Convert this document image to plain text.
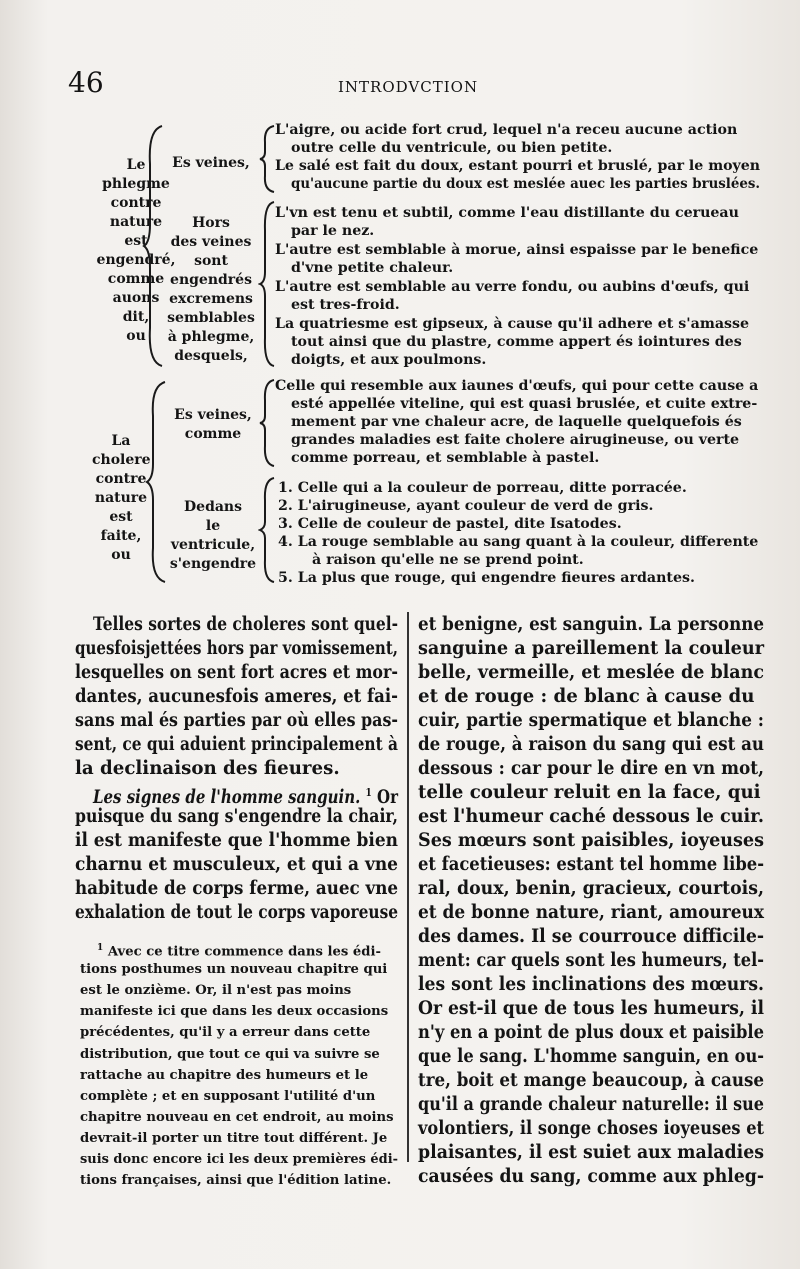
46	INTRODVCTION
Le
phlegme
contre
nature
est
engendré,
comme
auons
dit,
ou
Es veines,
L'aigre, ou acide fort crud, lequel n'a receu aucune action
outre celle du ventricule, ou bien petite.
Le salé est fait du doux, estant pourri et bruslé, par le moyen
qu'aucune partie du doux est meslée auec les parties bruslées.
Hors
des veines
sont
engendrés
excremens
semblables
à phlegme,
desquels,
L'vn est tenu et subtil, comme l'eau distillante du cerueau
par le nez.
L'autre est semblable à morue, ainsi espaisse par le benefice
d'vne petite chaleur.
L'autre est semblable au verre fondu, ou aubins d'œufs, qui
est tres-froid.
La quatriesme est gipseux, à cause qu'il adhere et s'amasse
tout ainsi que du plastre, comme appert és iointures des
doigts, et aux poulmons.
La
cholere
contre
nature
est faite,
ou
Es veines,
comme
Celle qui resemble aux iaunes d'œufs, qui pour cette cause a
esté appellée viteline, qui est quasi bruslée, et cuite extre-
mement par vne chaleur acre, de laquelle quelquefois és
grandes maladies est faite cholere airugineuse, ou verte
comme porreau, et semblable à pastel.
Dedans
le
ventricule,
s'engendre
1. Celle qui a la couleur de porreau, ditte porracée.
2. L'airugineuse, ayant couleur de verd de gris.
3. Celle de couleur de pastel, dite Isatodes.
4. La rouge semblable au sang quant à la couleur, differente
à raison qu'elle ne se prend point.
5. La plus que rouge, qui engendre fieures ardantes.
Telles sortes de choleres sont quel-
quesfoisjettées hors par vomissement,
lesquelles on sent fort acres et mor-
dantes, aucunesfois ameres, et fai-
sans mal és parties par où elles pas-
sent, ce qui aduient principalement à
la declinaison des fieures.
Les signes de l'homme sanguin. $^1$ Or
puisque du sang s'engendre la chair,
il est manifeste que l'homme bien
charnu et musculeux, et qui a vne
habitude de corps ferme, auec vne
exhalation de tout le corps vaporeuse
$^1$ Avec ce titre commence dans les édi-
tions posthumes un nouveau chapitre qui
est le onzième. Or, il n'est pas moins
manifeste ici que dans les deux occasions
précédentes, qu'il y a erreur dans cette
distribution, que tout ce qui va suivre se
rattache au chapitre des humeurs et le
complète ; et en supposant l'utilité d'un
chapitre nouveau en cet endroit, au moins
devrait-il porter un titre tout différent. Je
suis donc encore ici les deux premières édi-
tions françaises, ainsi que l'édition latine.
et benigne, est sanguin. La personne
sanguine a pareillement la couleur
belle, vermeille, et meslée de blanc
et de rouge : de blanc à cause du
cuir, partie spermatique et blanche :
de rouge, à raison du sang qui est au
dessous : car pour le dire en vn mot,
telle couleur reluit en la face, qui
est l'humeur caché dessous le cuir.
Ses mœurs sont paisibles, ioyeuses
et facetieuses: estant tel homme libe-
ral, doux, benin, gracieux, courtois,
et de bonne nature, riant, amoureux
des dames. Il se courrouce difficile-
ment: car quels sont les humeurs, tel-
les sont les inclinations des mœurs.
Or est-il que de tous les humeurs, il
n'y en a point de plus doux et paisible
que le sang. L'homme sanguin, en ou-
tre, boit et mange beaucoup, à cause
qu'il a grande chaleur naturelle: il sue
volontiers, il songe choses ioyeuses et
plaisantes, il est suiet aux maladies
causées du sang, comme aux phleg-
